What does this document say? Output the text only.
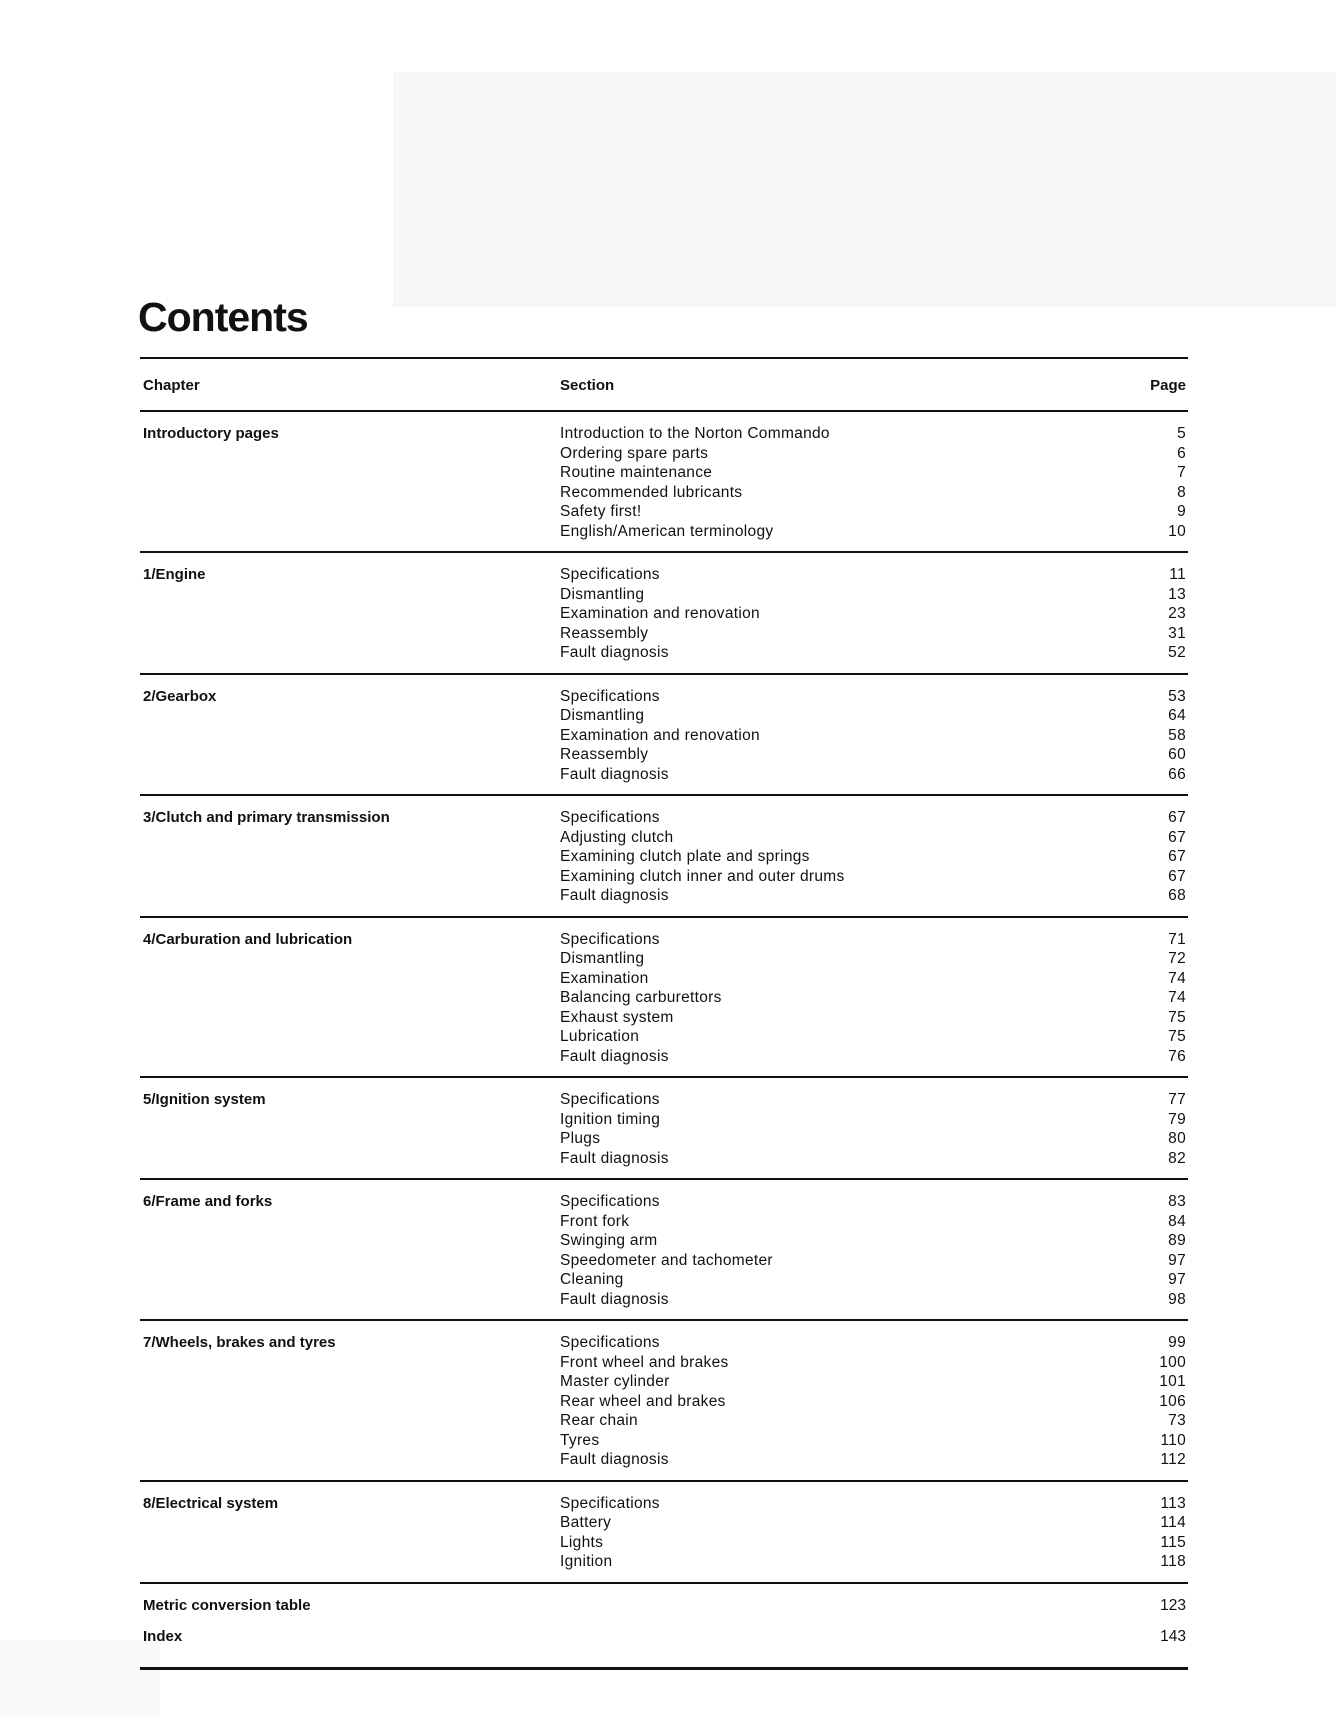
Contents
Chapter	Section	Page
Introductory pages	Introduction to the Norton Commando	5
Ordering spare parts	6
Routine maintenance	7
Recommended lubricants	8
Safety first!	9
English/American terminology	10
1/Engine	Specifications	11
Dismantling	13
Examination and renovation	23
Reassembly	31
Fault diagnosis	52
2/Gearbox	Specifications	53
Dismantling	64
Examination and renovation	58
Reassembly	60
Fault diagnosis	66
3/Clutch and primary transmission	Specifications	67
Adjusting clutch	67
Examining clutch plate and springs	67
Examining clutch inner and outer drums	67
Fault diagnosis	68
4/Carburation and lubrication	Specifications	71
Dismantling	72
Examination	74
Balancing carburettors	74
Exhaust system	75
Lubrication	75
Fault diagnosis	76
5/Ignition system	Specifications	77
Ignition timing	79
Plugs	80
Fault diagnosis	82
6/Frame and forks	Specifications	83
Front fork	84
Swinging arm	89
Speedometer and tachometer	97
Cleaning	97
Fault diagnosis	98
7/Wheels, brakes and tyres	Specifications	99
Front wheel and brakes	100
Master cylinder	101
Rear wheel and brakes	106
Rear chain	73
Tyres	110
Fault diagnosis	112
8/Electrical system	Specifications	113
Battery	114
Lights	115
Ignition	118
Metric conversion table	123
Index	143
